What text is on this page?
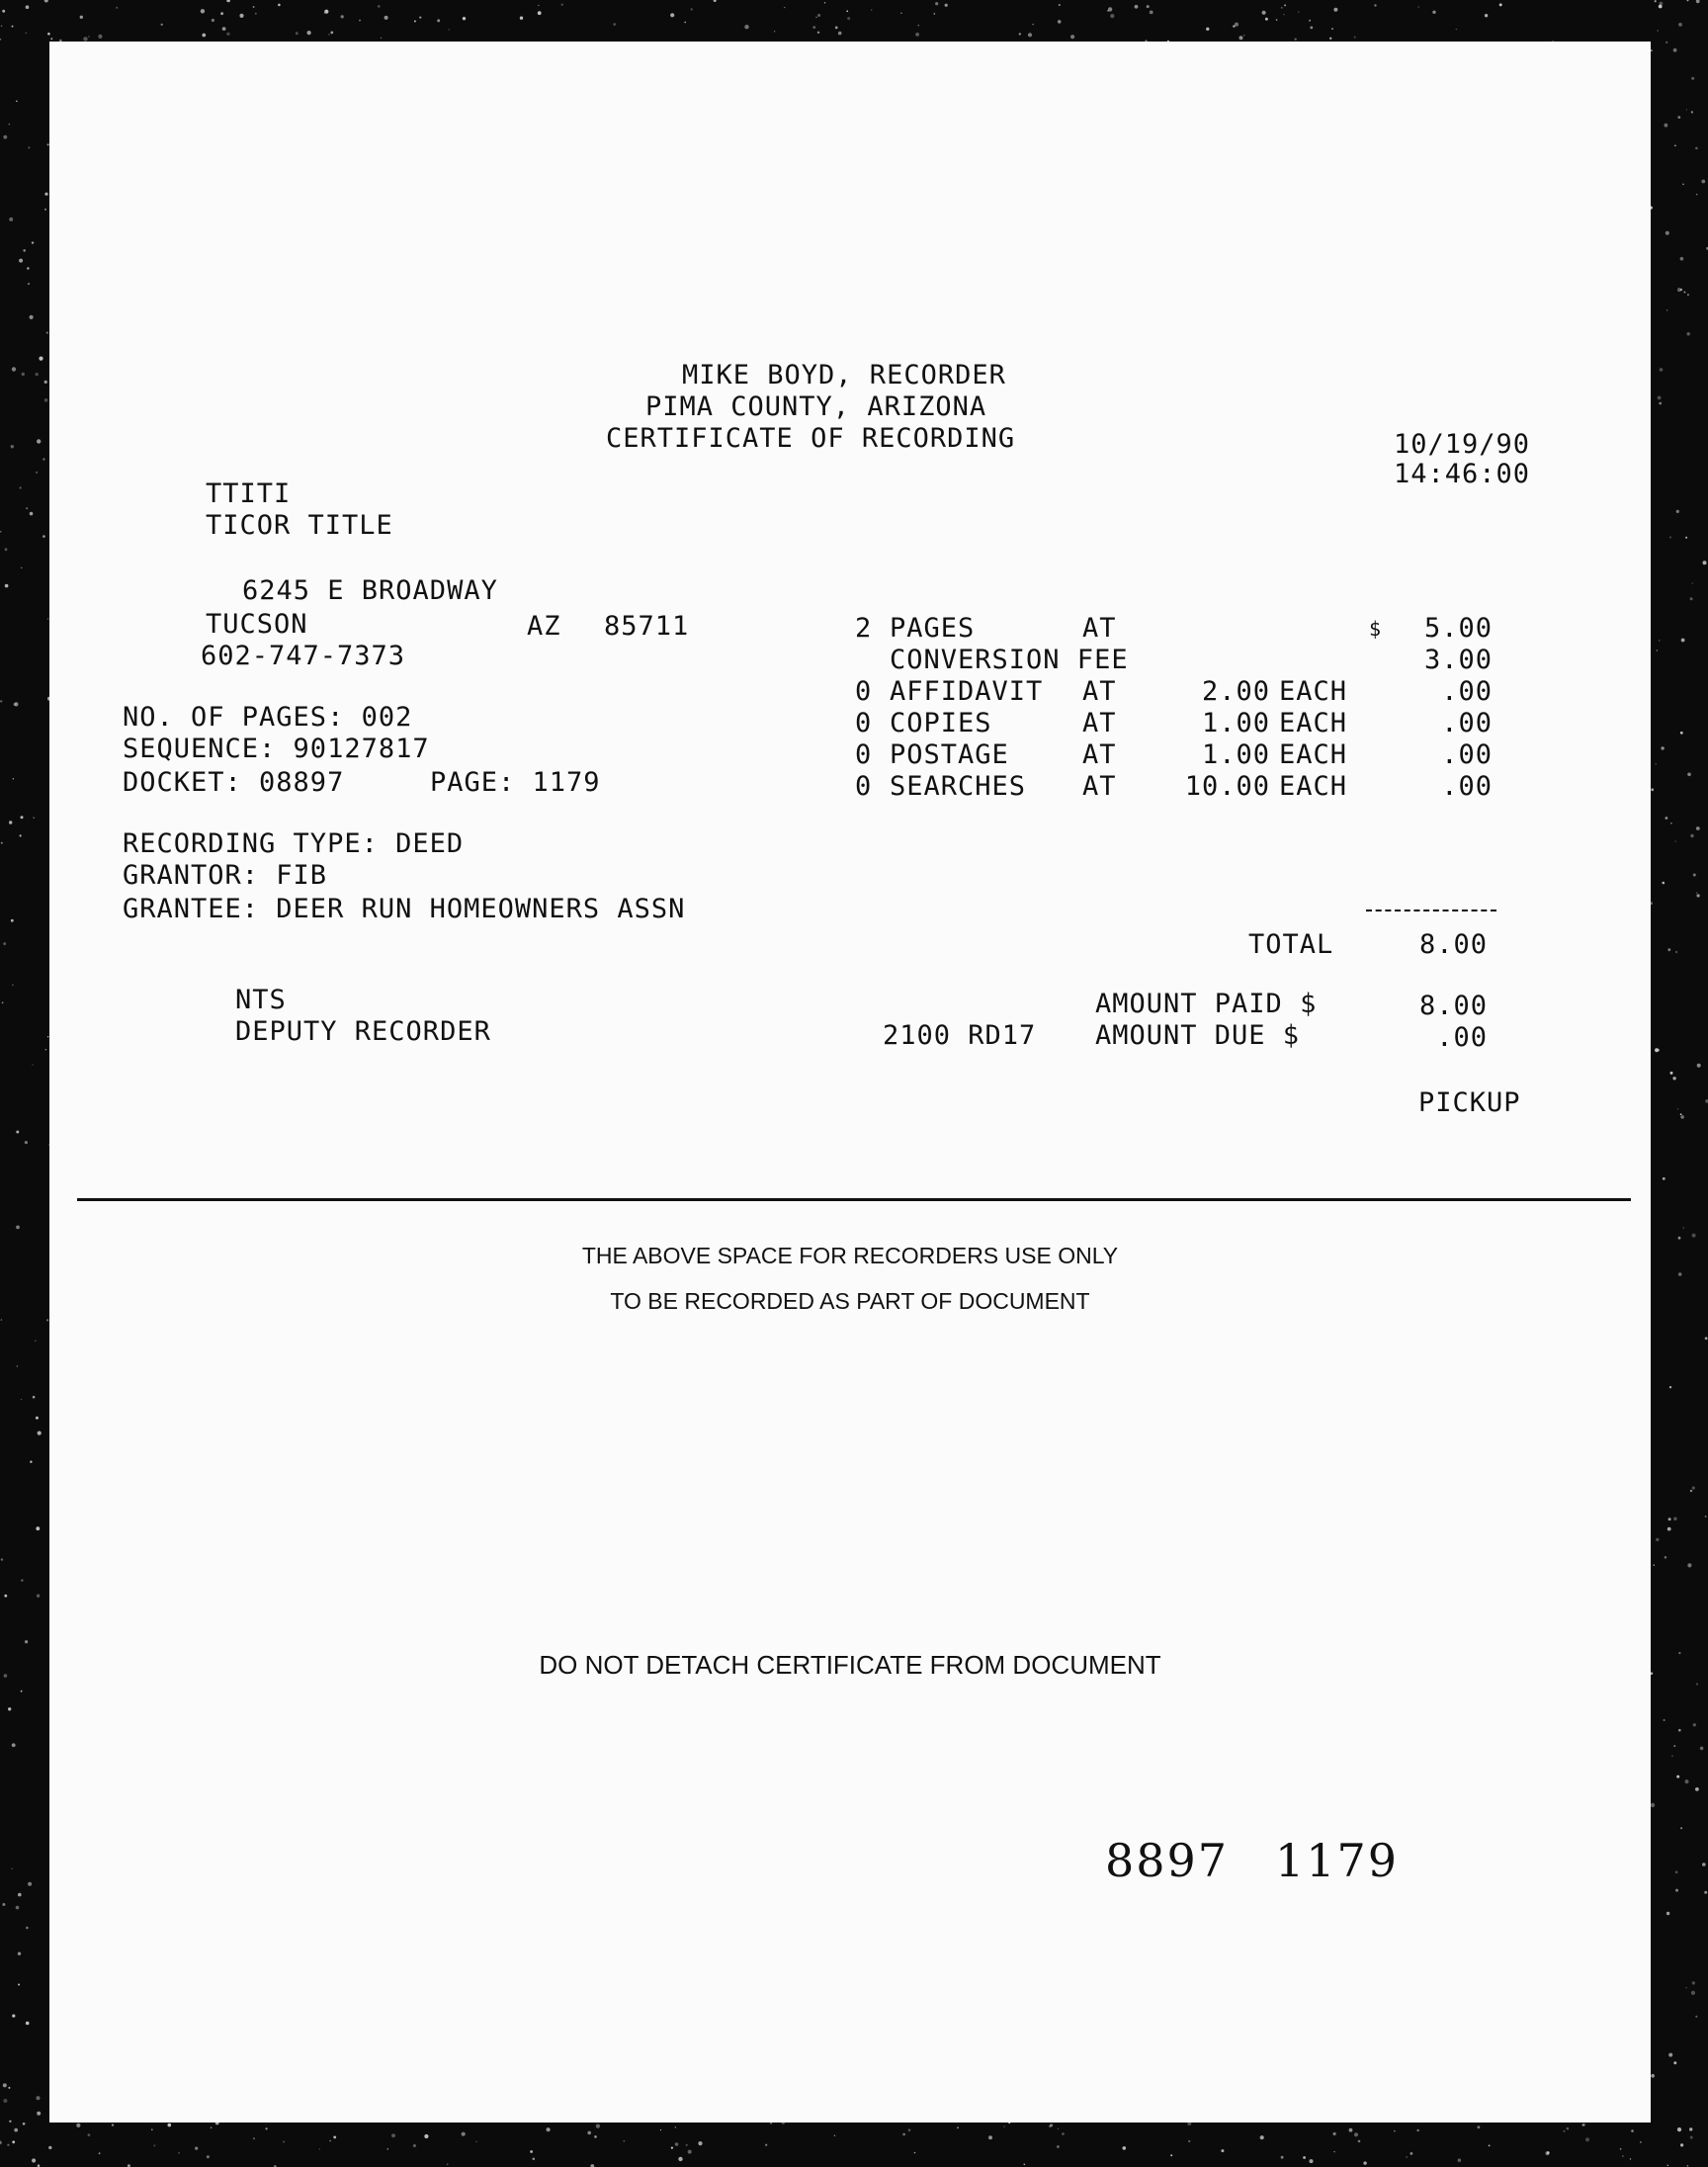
MIKE BOYD, RECORDER
PIMA COUNTY, ARIZONA
CERTIFICATE OF RECORDING	10/19/90
14:46:00
TTITI
TICOR TITLE
6245 E BROADWAY
TUCSON	AZ 85711
602-747-7373
NO. OF PAGES: 002
SEQUENCE: 90127817
DOCKET: 08897	PAGE: 1179
RECORDING TYPE: DEED
GRANTOR: FIB
GRANTEE: DEER RUN HOMEOWNERS ASSN
2 PAGES	AT	$	5.00
CONVERSION FEE	3.00
0 AFFIDAVIT AT	2.00 EACH	.00
0 COPIES	AT	1.00 EACH	.00
0 POSTAGE	AT	1.00 EACH	.00
0 SEARCHES AT	10.00 EACH	.00
TOTAL	8.00
NTS
DEPUTY RECORDER	2100 RD17
AMOUNT PAID $	8.00
AMOUNT DUE $	.00
PICKUP
THE ABOVE SPACE FOR RECORDERS USE ONLY
TO BE RECORDED AS PART OF DOCUMENT
DO NOT DETACH CERTIFICATE FROM DOCUMENT
8897 1179
